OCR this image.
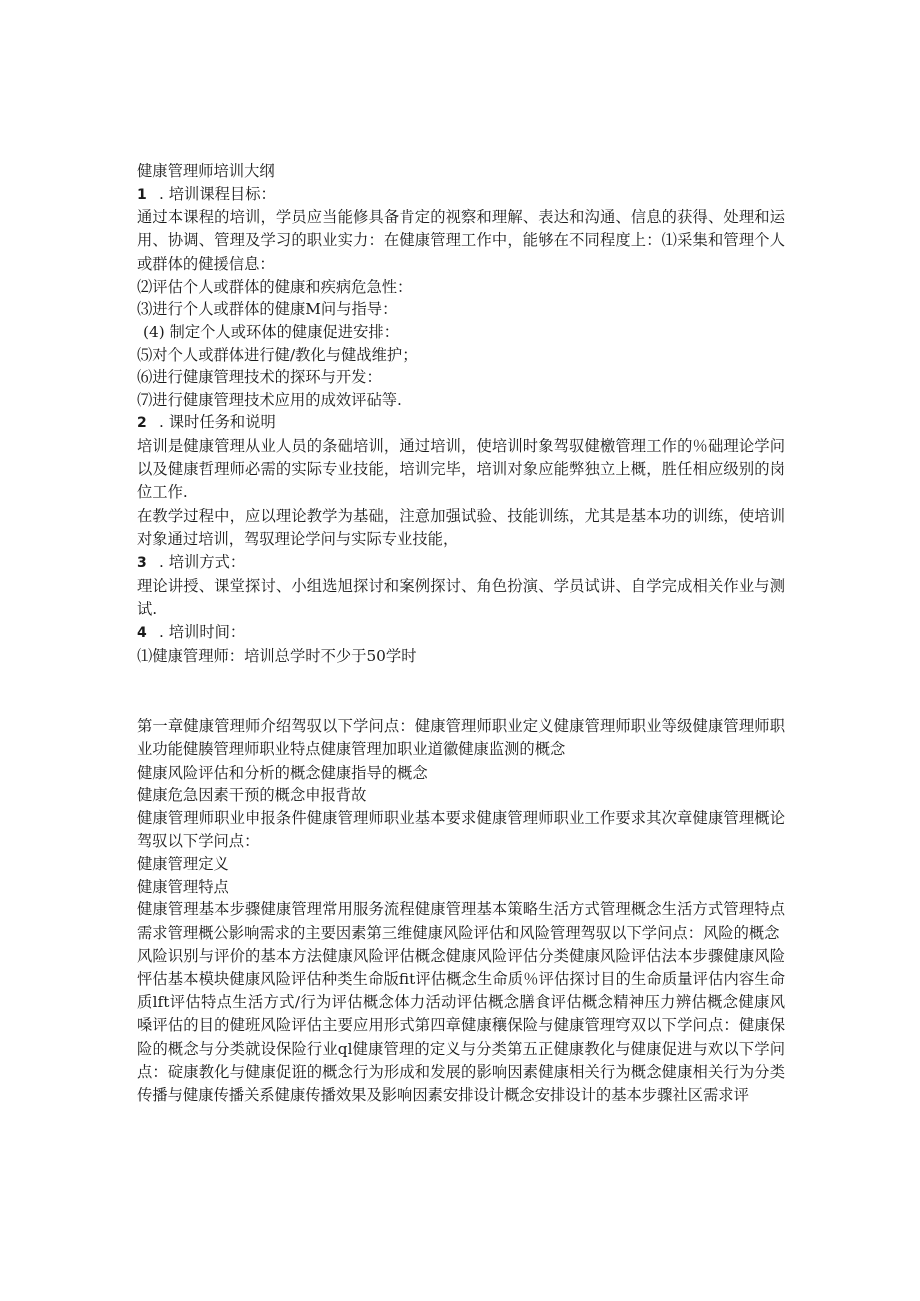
健康管理师培训大纲
1 . 培训课程目标：
通过本课程的培训，学员应当能修具备肯定的视察和理解、表达和沟通、信息的获得、处理和运用、协调、管理及学习的职业实力：在健康管理工作中，能够在不同程度上：⑴采集和管理个人或群体的健援信息：
⑵评估个人或群体的健康和疾病危急性：
⑶进行个人或群体的健康M问与指导：
(4) 制定个人或环体的健康促进安排：
⑸对个人或群体进行健/教化与健战维护；
⑹进行健康管理技术的探环与开发：
⑺进行健康管理技术应用的成效评砧等.
2 . 课时任务和说明
培训是健康管理从业人员的条础培训，通过培训，使培训时象驾驭健檄管理工作的％础理论学问以及健康哲理师必需的实际专业技能，培训完毕，培训对象应能弊独立上概，胜任相应级别的岗位工作.
在教学过程中，应以理论教学为基础，注意加强试验、技能训练，尤其是基本功的训练，使培训对象通过培训，驾驭理论学问与实际专业技能，
3 . 培训方式：
理论讲授、课堂探讨、小组选旭探讨和案例探讨、角色扮演、学员试讲、自学完成相关作业与测试.
4 . 培训时间：
⑴健康管理师：培训总学时不少于50学时
第一章健康管理师介绍驾驭以下学问点：健康管理师职业定义健康管理师职业等级健康管理师职业功能健腠管理师职业特点健康管理加职业道徽健康监测的概念
健康风险评估和分析的概念健康指导的概念
健康危急因素干预的概念申报背故
健康管理师职业申报条件健康管理师职业基本要求健康管理师职业工作要求其次章健康管理概论驾驭以下学问点：
健康管理定义
健康管理特点
健康管理基本步骤健康管理常用服务流程健康管理基本策略生活方式管理概念生活方式管理特点需求管理概公影响需求的主要因素第三维健康风险评估和风险管理驾驭以下学问点：风险的概念
风险识别与评价的基本方法健康风险评估概念健康风险评估分类健康风险评估法本步骤健康风险怦估基本模块健康风险评估种类生命版fit评估概念生命质％评估探讨目的生命质量评估内容生命质lft评估特点生活方式/行为评估概念体力活动评估概念膳食评估概念精神压力辨估概念健康风嗓评估的目的健班风险评估主要应用形式第四章健康穰保险与健康管理穹双以下学问点：健康保险的概念与分类就设保险行业ql健康管理的定义与分类第五正健康教化与健康促进与欢以下学问点：碇康教化与健康促诳的概念行为形成和发展的影响因素健康相关行为概念健康相关行为分类传播与健康传播关系健康传播效果及影响因素安排设计概念安排设计的基本步骤社区需求评
